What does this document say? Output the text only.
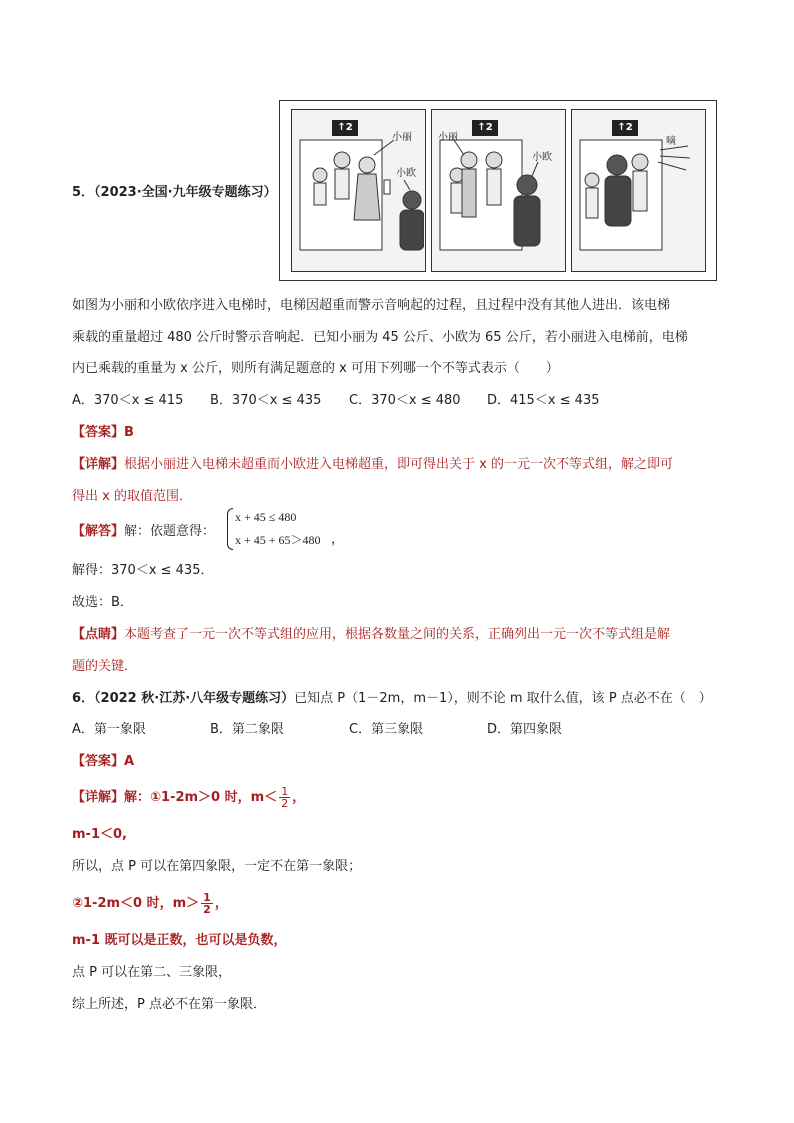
5．（2023·全国·九年级专题练习）
↑2
小丽
小欧
↑2
小丽
小欧
↑2
嘀
如图为小丽和小欧依序进入电梯时，电梯因超重而警示音响起的过程，且过程中没有其他人进出．该电梯
乘载的重量超过 480 公斤时警示音响起．已知小丽为 45 公斤、小欧为 65 公斤，若小丽进入电梯前，电梯
内已乘载的重量为 x 公斤，则所有满足题意的 x 可用下列哪一个不等式表示（　　）
A．370＜x ≤ 415 B．370＜x ≤ 435 C．370＜x ≤ 480 D．415＜x ≤ 435
【答案】B
【详解】根据小丽进入电梯未超重而小欧进入电梯超重，即可得出关于 x 的一元一次不等式组，解之即可
得出 x 的取值范围．
【解答】解：依题意得：
x + 45 ≤ 480
x + 45 + 65＞480 ，
解得：370＜x ≤ 435．
故选：B．
【点睛】本题考查了一元一次不等式组的应用，根据各数量之间的关系，正确列出一元一次不等式组是解
题的关键．
6．（2022 秋·江苏·八年级专题练习）已知点 P（1－2m，m－1），则不论 m 取什么值，该 P 点必不在（　）
A．第一象限	B．第二象限	C．第三象限	D．第四象限
【答案】A
【详解】解：①1-2m＞0 时，$m< \frac{1}{2}$ ，
m-1＜0,
所以，点 P 可以在第四象限，一定不在第一象限；
②1-2m＜0 时，$m> \frac{1}{2}$ ，
m-1 既可以是正数，也可以是负数，
点 P 可以在第二、三象限，
综上所述，P 点必不在第一象限．
